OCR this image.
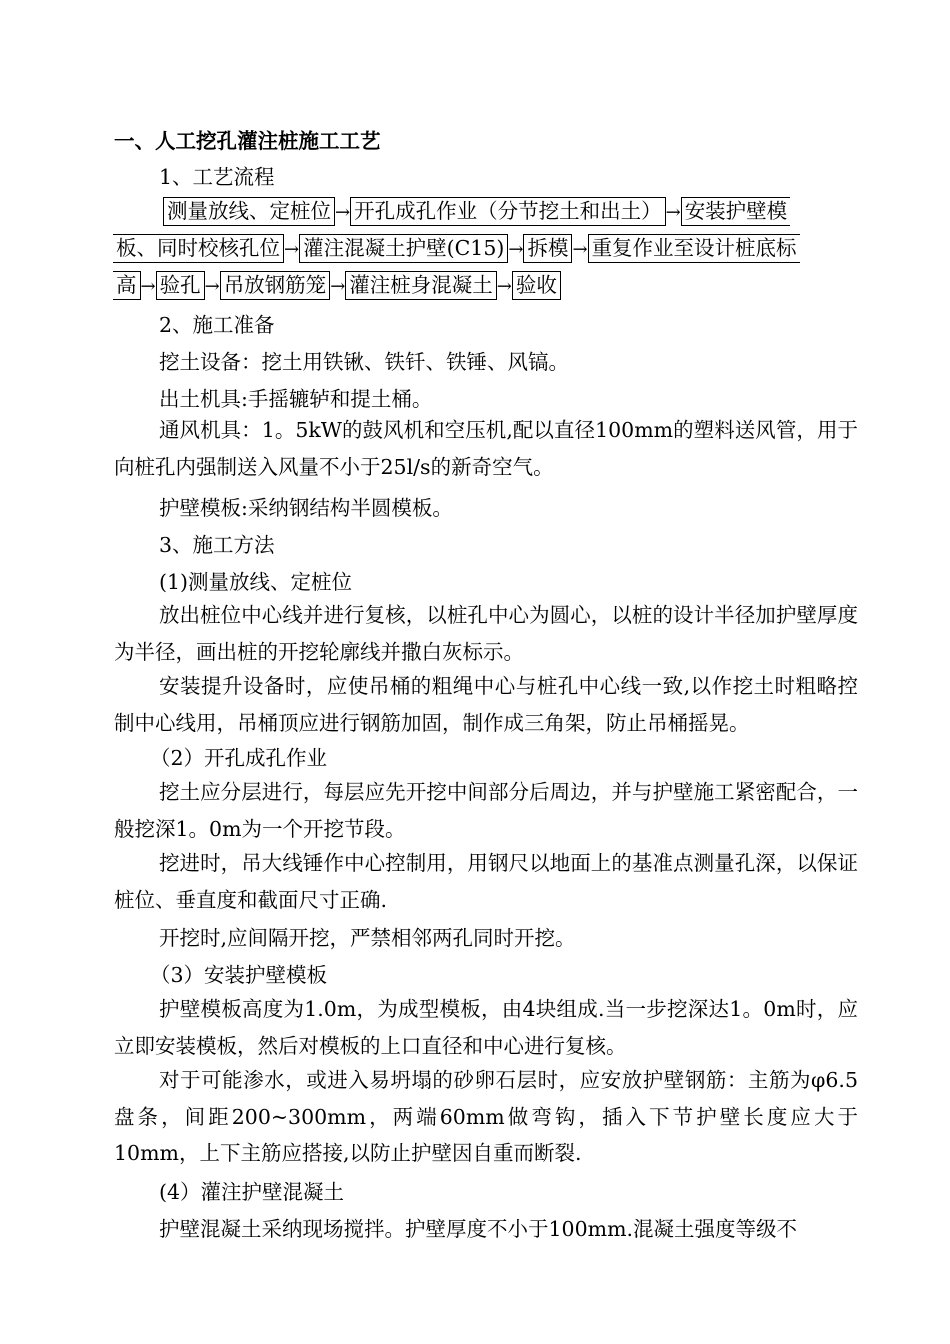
一、人工挖孔灌注桩施工工艺
1、工艺流程
测量放线、定桩位 → 开孔成孔作业（分节挖土和出土） → 安装护壁模
板、同时校核孔位 → 灌注混凝土护壁(C15) → 拆模 → 重复作业至设计桩底标
高 → 验孔 → 吊放钢筋笼 → 灌注桩身混凝土 → 验收
2、施工准备
挖土设备：挖土用铁锹、铁钎、铁锤、风镐。
出土机具:手摇辘轳和提土桶。
通风机具：1。5kW的鼓风机和空压机,配以直径100mm的塑料送风管，用于向桩孔内强制送入风量不小于25l/s的新奇空气。
护壁模板:采纳钢结构半圆模板。
3、施工方法
(1)测量放线、定桩位
放出桩位中心线并进行复核，以桩孔中心为圆心，以桩的设计半径加护壁厚度为半径，画出桩的开挖轮廓线并撒白灰标示。
安装提升设备时，应使吊桶的粗绳中心与桩孔中心线一致,以作挖土时粗略控制中心线用，吊桶顶应进行钢筋加固，制作成三角架，防止吊桶摇晃。
（2）开孔成孔作业
挖土应分层进行，每层应先开挖中间部分后周边，并与护壁施工紧密配合，一般挖深1。0m为一个开挖节段。
挖进时，吊大线锤作中心控制用，用钢尺以地面上的基准点测量孔深，以保证桩位、垂直度和截面尺寸正确.
开挖时,应间隔开挖，严禁相邻两孔同时开挖。
（3）安装护壁模板
护壁模板高度为1.0m，为成型模板，由4块组成.当一步挖深达1。0m时，应立即安装模板，然后对模板的上口直径和中心进行复核。
对于可能渗水，或进入易坍塌的砂卵石层时，应安放护壁钢筋：主筋为φ6.5盘条，间距200~300mm，两端60mm做弯钩，插入下节护壁长度应大于10mm，上下主筋应搭接,以防止护壁因自重而断裂.
(4）灌注护壁混凝土
护壁混凝土采纳现场搅拌。护壁厚度不小于100mm.混凝土强度等级不
